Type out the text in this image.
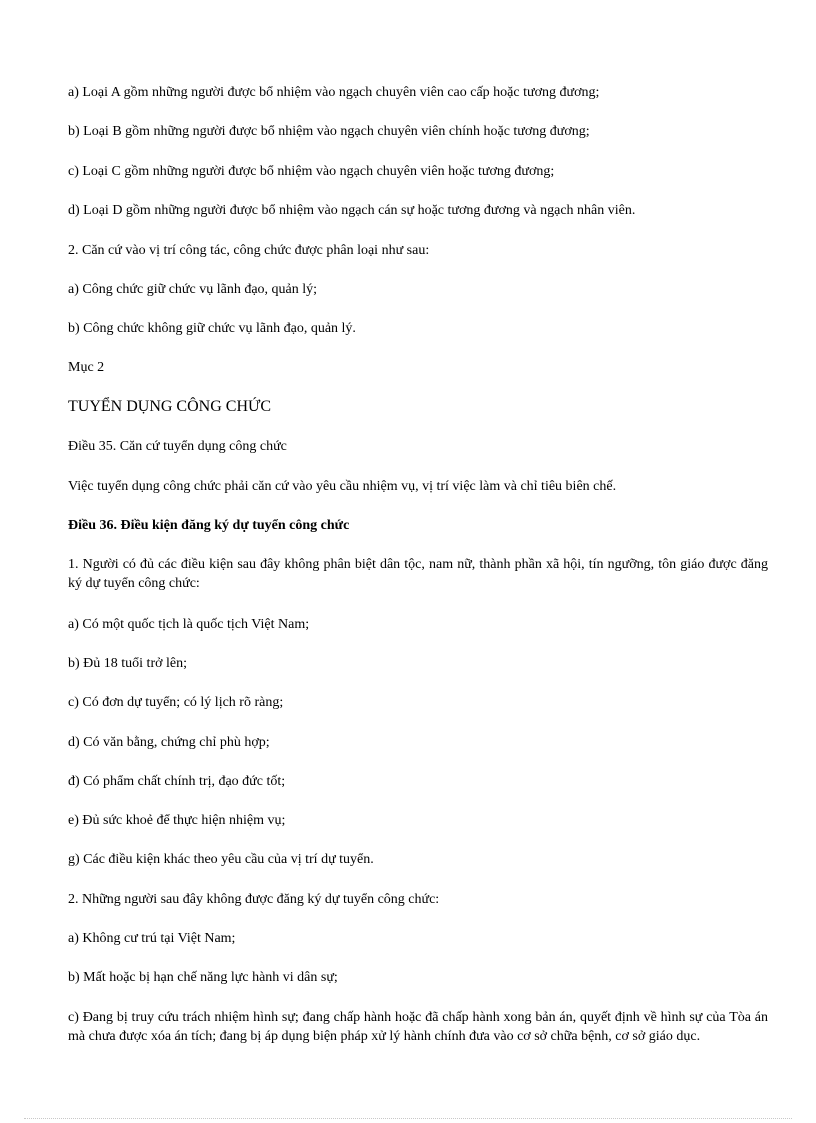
a) Loại A gồm những người được bổ nhiệm vào ngạch chuyên viên cao cấp hoặc tương đương;
b) Loại B gồm những người được bổ nhiệm vào ngạch chuyên viên chính hoặc tương đương;
c) Loại C gồm những người được bổ nhiệm vào ngạch chuyên viên hoặc tương đương;
d) Loại D gồm những người được bổ nhiệm vào ngạch cán sự hoặc tương đương và ngạch nhân viên.
2. Căn cứ vào vị trí công tác, công chức được phân loại như sau:
a) Công chức giữ chức vụ lãnh đạo, quản lý;
b) Công chức không giữ chức vụ lãnh đạo, quản lý.
Mục 2
TUYỂN DỤNG CÔNG CHỨC
Điều 35. Căn cứ tuyển dụng công chức
Việc tuyển dụng công chức phải căn cứ vào yêu cầu nhiệm vụ, vị trí việc làm và chỉ tiêu biên chế.
Điều 36. Điều kiện đăng ký dự tuyển công chức
1. Người có đủ các điều kiện sau đây không phân biệt dân tộc, nam nữ, thành phần xã hội, tín ngưỡng, tôn giáo được đăng ký dự tuyển công chức:
a) Có một quốc tịch là quốc tịch Việt Nam;
b) Đủ 18 tuổi trở lên;
c) Có đơn dự tuyển; có lý lịch rõ ràng;
d) Có văn bằng, chứng chỉ phù hợp;
đ) Có phẩm chất chính trị, đạo đức tốt;
e) Đủ sức khoẻ để thực hiện nhiệm vụ;
g) Các điều kiện khác theo yêu cầu của vị trí dự tuyển.
2. Những người sau đây không được đăng ký dự tuyển công chức:
a) Không cư trú tại Việt Nam;
b) Mất hoặc bị hạn chế năng lực hành vi dân sự;
c) Đang bị truy cứu trách nhiệm hình sự; đang chấp hành hoặc đã chấp hành xong bản án, quyết định về hình sự của Tòa án mà chưa được xóa án tích; đang bị áp dụng biện pháp xử lý hành chính đưa vào cơ sở chữa bệnh, cơ sở giáo dục.
